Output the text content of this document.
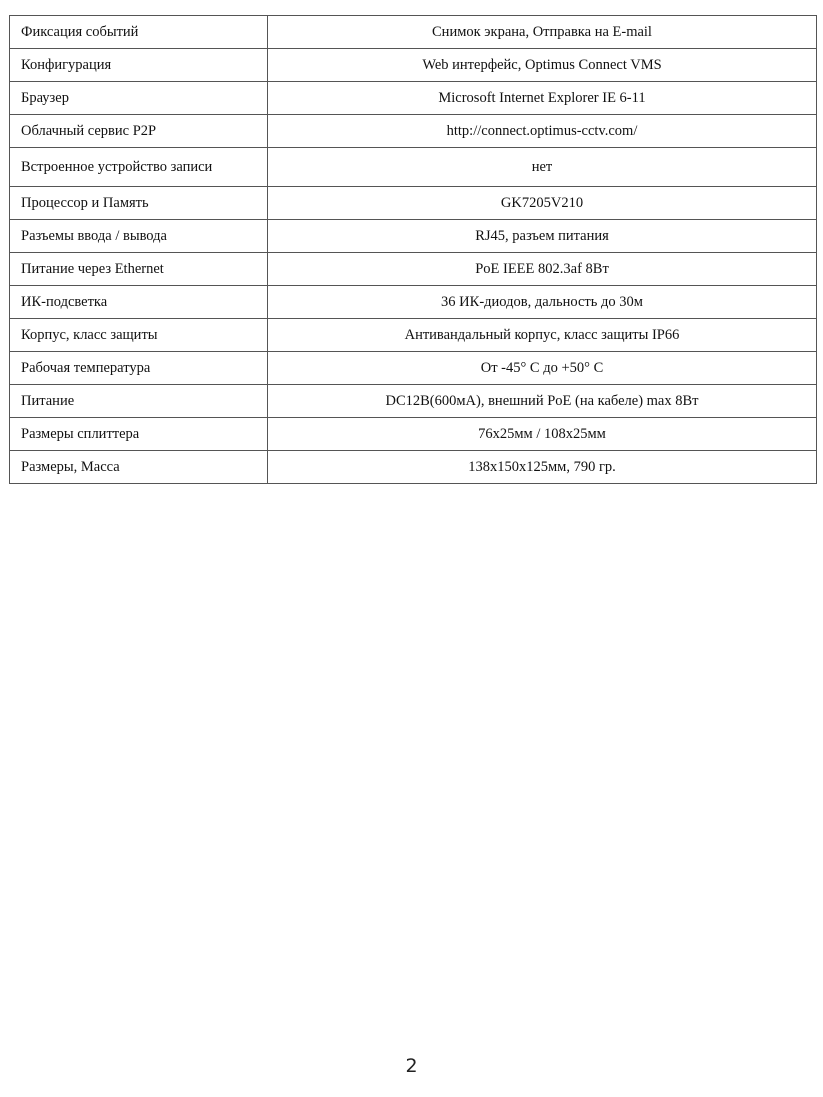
Фиксация событий	Снимок экрана, Отправка на E-mail
Конфигурация	Web интерфейс, Optimus Connect VMS
Браузер	Microsoft Internet Explorer IE 6-11
Облачный сервис P2P	http://connect.optimus-cctv.com/
Встроенное устройство записи	нет
Процессор и Память	GK7205V210
Разъемы ввода / вывода	RJ45, разъем питания
Питание через Ethernet	PoE IEEE 802.3af 8Вт
ИК-подсветка	36 ИК-диодов, дальность до 30м
Корпус, класс защиты	Антивандальный корпус, класс защиты IP66
Рабочая температура	От -45° С до +50° С
Питание	DC12В(600мА), внешний PoE (на кабеле) max 8Вт
Размеры сплиттера	76x25мм / 108x25мм
Размеры, Масса	138x150x125мм, 790 гр.
2
